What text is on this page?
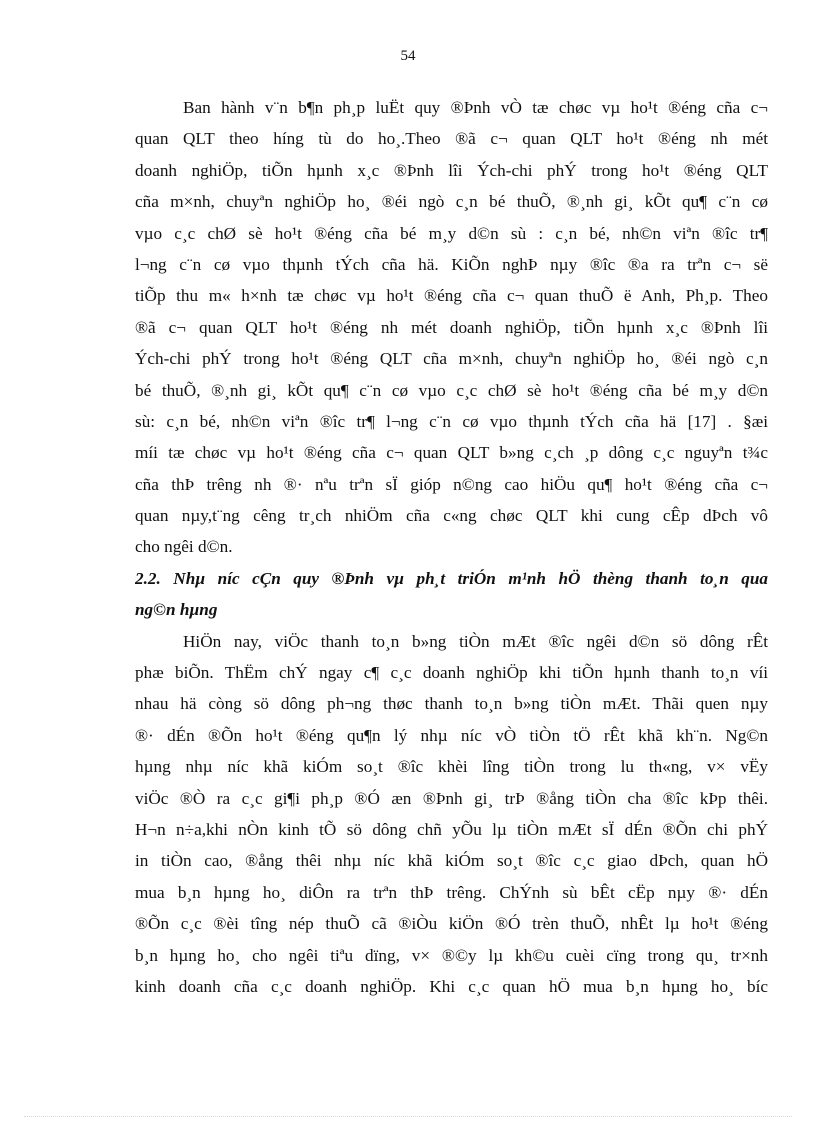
54
Ban hành v¨n b¶n ph¸p luËt quy ®Þnh vÒ tæ chøc vµ ho¹t ®éng cña c¬
quan QLT theo híng tù do ho¸.Theo ®ã c¬ quan QLT ho¹t ®éng nh mét
doanh nghiÖp, tiÕn hµnh x¸c ®Þnh lîi Ých-chi phÝ trong ho¹t ®éng QLT
cña m×nh, chuyªn nghiÖp ho¸ ®éi ngò c¸n bé thuÕ, ®¸nh gi¸ kÕt qu¶ c¨n cø
vµo c¸c chØ sè ho¹t ®éng cña bé m¸y d©n sù : c¸n bé, nh©n viªn ®îc tr¶
l¬ng c¨n cø vµo thµnh tÝch cña hä. KiÕn nghÞ nµy ®îc ®a ra trªn c¬ së
tiÕp thu m« h×nh tæ chøc vµ ho¹t ®éng cña c¬ quan thuÕ ë Anh, Ph¸p. Theo
®ã c¬ quan QLT ho¹t ®éng nh mét doanh nghiÖp, tiÕn hµnh x¸c ®Þnh lîi
Ých-chi phÝ trong ho¹t ®éng QLT cña m×nh, chuyªn nghiÖp ho¸ ®éi ngò c¸n
bé thuÕ, ®¸nh gi¸ kÕt qu¶ c¨n cø vµo c¸c chØ sè ho¹t ®éng cña bé m¸y d©n
sù: c¸n bé, nh©n viªn ®îc tr¶ l¬ng c¨n cø vµo thµnh tÝch cña hä [17] . §æi
míi tæ chøc vµ ho¹t ®éng cña c¬ quan QLT b»ng c¸ch ¸p dông c¸c nguyªn t¾c
cña thÞ trêng nh ®· nªu trªn sÏ gióp n©ng cao hiÖu qu¶ ho¹t ®éng cña c¬
quan nµy,t¨ng cêng tr¸ch nhiÖm cña c«ng chøc QLT khi cung cÊp dÞch vô
cho ngêi d©n.
2.2. Nhµ níc cÇn quy ®Þnh vµ ph¸t triÓn m¹nh hÖ thèng thanh to¸n qua
ng©n hµng
HiÖn nay, viÖc thanh to¸n b»ng tiÒn mÆt ®îc ngêi d©n sö dông rÊt
phæ biÕn. ThËm chÝ ngay c¶ c¸c doanh nghiÖp khi tiÕn hµnh thanh to¸n víi
nhau hä còng sö dông ph¬ng thøc thanh to¸n b»ng tiÒn mÆt. Thãi quen nµy
®· dÉn ®Õn ho¹t ®éng qu¶n lý nhµ níc vÒ tiÒn tÖ rÊt khã kh¨n. Ng©n
hµng nhµ níc khã kiÓm so¸t ®îc khèi lîng tiÒn trong lu th«ng, v× vËy
viÖc ®Ò ra c¸c gi¶i ph¸p ®Ó æn ®Þnh gi¸ trÞ ®ång tiÒn cha ®îc kÞp thêi.
H¬n n÷a,khi nÒn kinh tÕ sö dông chñ yÕu lµ tiÒn mÆt sÏ dÉn ®Õn chi phÝ
in tiÒn cao, ®ång thêi nhµ níc khã kiÓm so¸t ®îc c¸c giao dÞch, quan hÖ
mua b¸n hµng ho¸ diÔn ra trªn thÞ trêng. ChÝnh sù bÊt cËp nµy ®· dÉn
®Õn c¸c ®èi tîng nép thuÕ cã ®iÒu kiÖn ®Ó trèn thuÕ, nhÊt lµ ho¹t ®éng
b¸n hµng ho¸ cho ngêi tiªu dïng, v× ®©y lµ kh©u cuèi cïng trong qu¸ tr×nh
kinh doanh cña c¸c doanh nghiÖp. Khi c¸c quan hÖ mua b¸n hµng ho¸ bíc
